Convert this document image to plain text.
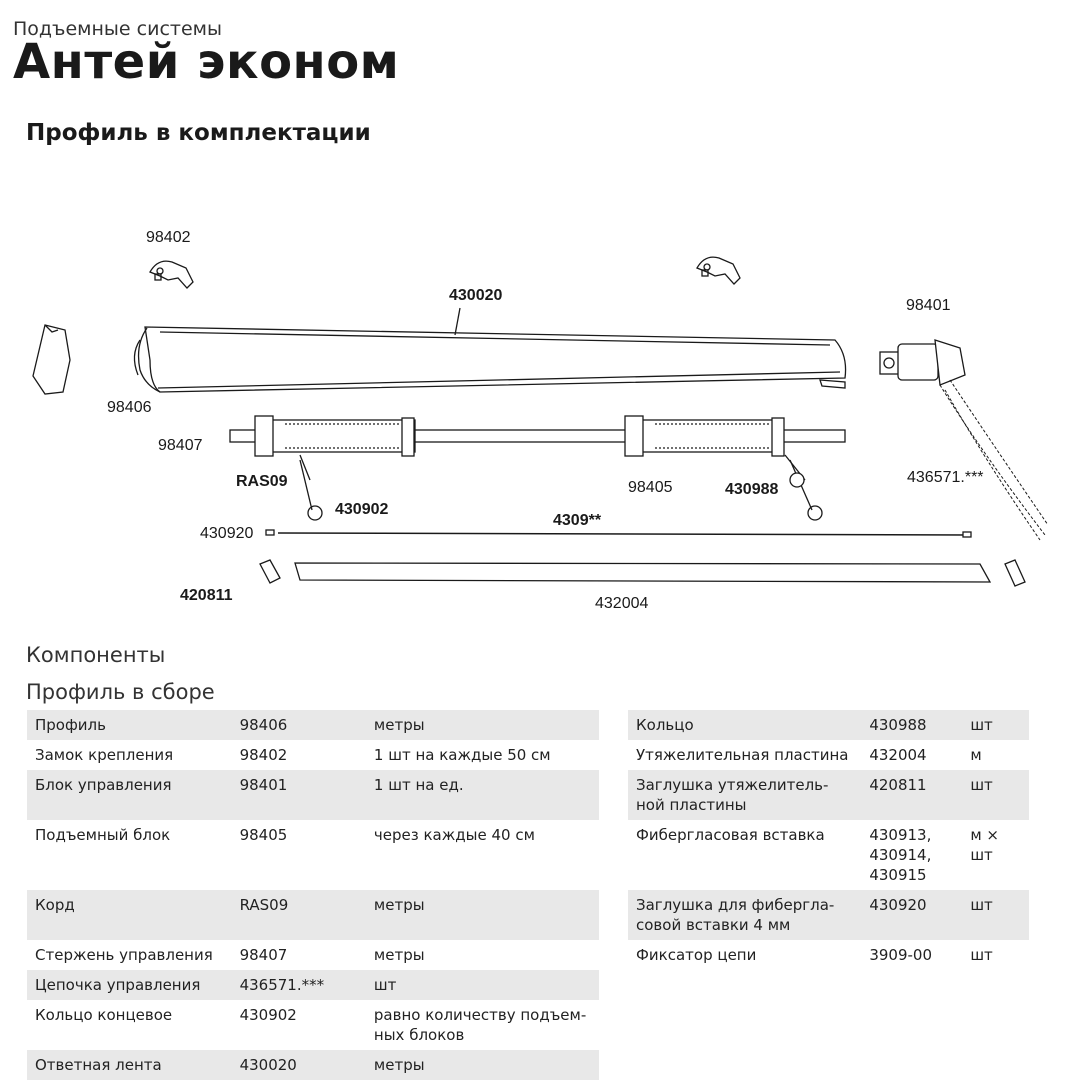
Подъемные системы
Антей эконом
Профиль в комплектации
98402
430020
98401
98406
98407
RAS09
430902
98405	430988
436571.***
430920
4309**
420811	432004
Компоненты
Профиль в сборе
Профиль	98406	метры
Замок крепления	98402	1 шт на каждые 50 см
Блок управления	98401	1 шт на ед.
Подъемный блок	98405	через каждые 40 см
Корд	RAS09	метры
Стержень управления	98407	метры
Цепочка управления	436571.***	шт
Кольцо концевое	430902	равно количеству подъем-
ных блоков
Ответная лента	430020	метры
Кольцо	430988	шт
Утяжелительная пластина	432004	м
Заглушка утяжелитель-
ной пластины	420811	шт
Фибергласовая вставка	430913,
430914,
430915	м × шт
Заглушка для фибергла-
совой вставки 4 мм	430920	шт
Фиксатор цепи	3909-00	шт
